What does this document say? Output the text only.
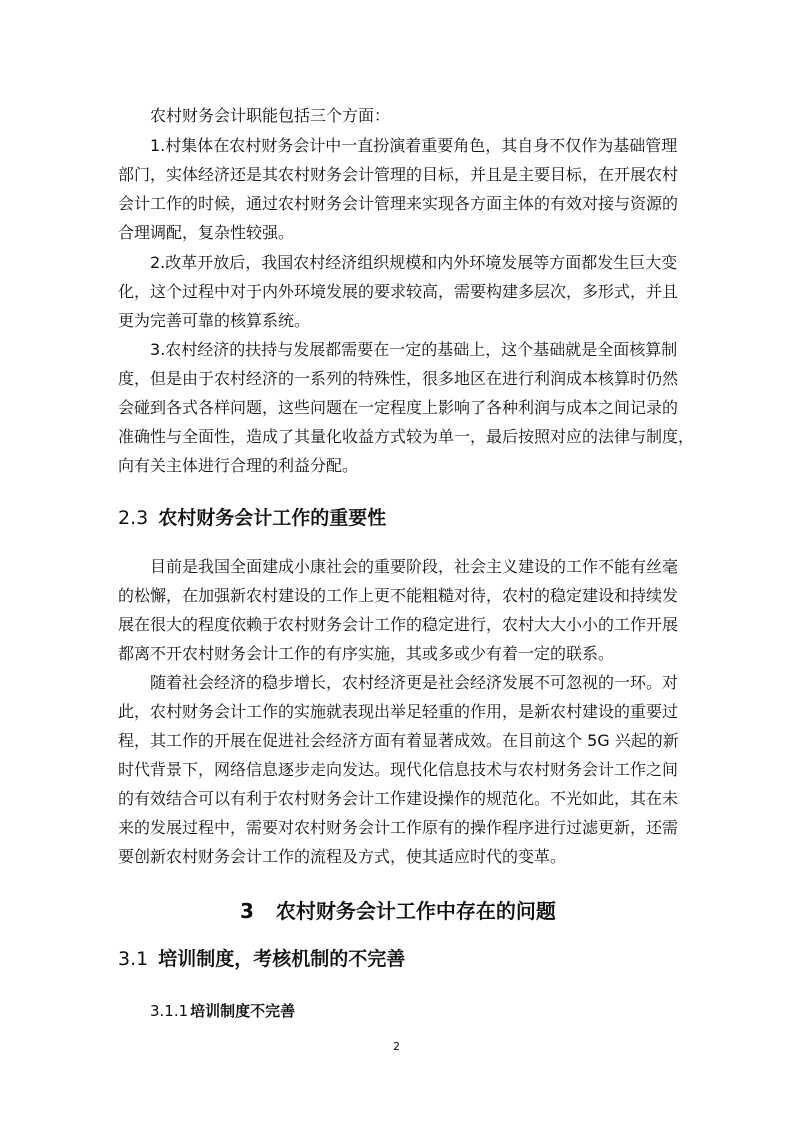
农村财务会计职能包括三个方面：
1.村集体在农村财务会计中一直扮演着重要角色，其自身不仅作为基础管理
部门，实体经济还是其农村财务会计管理的目标，并且是主要目标，在开展农村
会计工作的时候，通过农村财务会计管理来实现各方面主体的有效对接与资源的
合理调配，复杂性较强。
2.改革开放后，我国农村经济组织规模和内外环境发展等方面都发生巨大变
化，这个过程中对于内外环境发展的要求较高，需要构建多层次，多形式，并且
更为完善可靠的核算系统。
3.农村经济的扶持与发展都需要在一定的基础上，这个基础就是全面核算制
度，但是由于农村经济的一系列的特殊性，很多地区在进行利润成本核算时仍然
会碰到各式各样问题，这些问题在一定程度上影响了各种利润与成本之间记录的
准确性与全面性，造成了其量化收益方式较为单一，最后按照对应的法律与制度，
向有关主体进行合理的利益分配。
2.3 农村财务会计工作的重要性
目前是我国全面建成小康社会的重要阶段，社会主义建设的工作不能有丝毫
的松懈，在加强新农村建设的工作上更不能粗糙对待，农村的稳定建设和持续发
展在很大的程度依赖于农村财务会计工作的稳定进行，农村大大小小的工作开展
都离不开农村财务会计工作的有序实施，其或多或少有着一定的联系。
随着社会经济的稳步增长，农村经济更是社会经济发展不可忽视的一环。对
此，农村财务会计工作的实施就表现出举足轻重的作用，是新农村建设的重要过
程，其工作的开展在促进社会经济方面有着显著成效。在目前这个 5G 兴起的新
时代背景下，网络信息逐步走向发达。现代化信息技术与农村财务会计工作之间
的有效结合可以有利于农村财务会计工作建设操作的规范化。不光如此，其在未
来的发展过程中，需要对农村财务会计工作原有的操作程序进行过滤更新，还需
要创新农村财务会计工作的流程及方式，使其适应时代的变革。
3 农村财务会计工作中存在的问题
3.1 培训制度，考核机制的不完善
3.1.1 培训制度不完善
2
